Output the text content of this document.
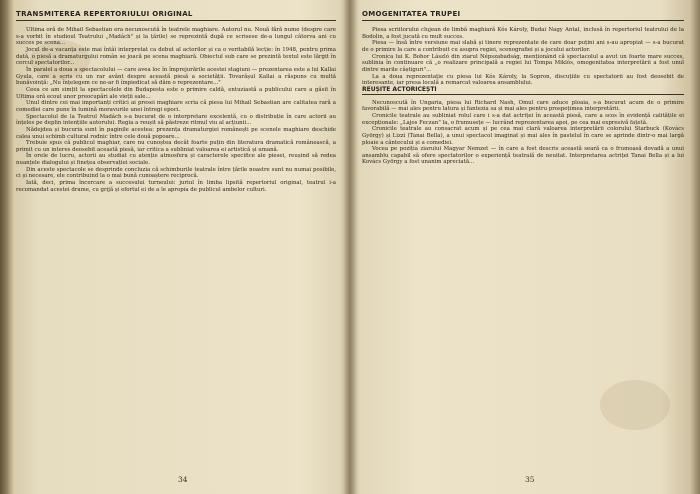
TRANSMITEREA REPERTORIULUI ORIGINAL

Ultima oră de Mihail Sebastian era necunoscută în teatrele maghiare. Autorul nu. Nouă fără nume (despre care s-a vorbit în studioul Teatrului „Madách" și la țările) se reprezintă după ce scrisese de-a lungul câtorva ani cu succes pe scena...

Jocul de-a vacanța este mai întâi interpretat ca debut al actorilor și ca o veritabilă lecție: în 1948, pentru prima dată, o piesă a dramaturgului român se joacă pe scena maghiară. Obiectul sub care se prezintă textul este lărgit în cercul spectatorilor...

În paralel a doua a spectacolului — care avea loc în împrejurările acestei stagiuni — prezentarea este a lui Kallai Gyula, care a scris cu un rar avânt despre această piesă a societății. Tovarășul Kallai a răspuns cu multă bunăvoință: „Nu înțelegem ce ne-ar fi împiedicat să dăm o reprezentare..."

Ceea ce am simțit la spectacolele din Budapesta este o primire caldă, entuziastă a publicului care a găsit în Ultima oră ecoul unor preocupări ale vieții sale...

Unul dintre cei mai importanți critici ai presei maghiare scria că piesa lui Mihail Sebastian are calitatea rară a comediei care pune în lumină moravurile unei întregi epoci.

Spectacolul de la Teatrul Madách s-a bucurat de o interpretare excelentă, cu o distribuție în care actorii au înțeles pe deplin intențiile autorului. Regia a reușit să păstreze ritmul viu al acțiunii...

Nădejdea și bucuria sunt în paginile acestea: prezența dramaturgiei românești pe scenele maghiare deschide calea unui schimb cultural rodnic între cele două popoare...

Trebuie spus că publicul maghiar, care nu cunoștea decât foarte puțin din literatura dramatică românească, a primit cu un interes deosebit această piesă, iar critica a subliniat valoarea ei artistică și umană.

În orele de lucru, actorii au studiat cu atenție atmosfera și caracterele specifice ale piesei, reușind să redea nuanțele dialogului și finețea observației sociale.

Din aceste spectacole se desprinde concluzia că schimburile teatrale între țările noastre sunt nu numai posibile, ci și necesare, ele contribuind la o mai bună cunoaștere reciprocă.

Iată, deci, prima încercare a succesului turneului: juriul în limba lipsită repertoriul original, teatrul i-a recomandat acestei drame, cu grijă și efortul ei de a le apropia de publicul ambelor culturi.

34
OMOGENITATEA TRUPEI

Piesa scriitorului clujean de limbă maghiară Kós Károly, Budai Nagy Antal, inclusă în repertoriul teatrului de la Bodolin, a fost jucată cu mult succes.

Piesa — însă între versiune mai slabă și tinere reprezentate de care doar puțini ani s-au apropiat — s-a bucurat de o primire la care a contribuit cu asupra regiei, scenografiei și a jocului actorilor.

Cronica lui K. Bohor László din ziarul Népszabadság, menționând că spectacolul a avut un foarte mare succes, sublinia în continuare că „o realizare principală a regiei lui Tompa Miklós, omogenitatea interpretării a fost unul dintre marile câștiguri"...

La a doua reprezentație cu piesa lui Kós Károly, la Sopron, discuțiile cu spectatorii au fost deosebit de interesante, iar presa locală a remarcat valoarea ansamblului.

REUȘITE ACTORICEȘTI

Necunoscută în Ungaria, piesa lui Richard Nash, Omul care aduce ploaia, s-a bucurat acum de o primire favorabilă — mai ales pentru latura și fantezia sa și mai ales pentru prospețimea interpretării.

Cronicile teatrale au subliniat rolul care i s-a dat actriței în această piesă, care a scos în evidență calitățile ei excepționale: „Lajos Feczan" la, o frumusețe — lucrând reprezentarea apoi, pe cea mai expresivă fațetă.

Cronicile teatrale au consacrat acum și pe cea mai clară valoarea interpretării colorului Starbuck (Kovács György) și Lizzi (Tanai Bella), a unui spectacol imaginat și mai ales în pastelul în care se aprinde dintr-o mai largă ploaie a cântecului și a comediei.

Vocea pe poziția ziarului Magyar Nemzet — în care a fost descris această seară ca o frumoasă dovadă a unui ansamblu capabil să ofere spectatorilor o experiență teatrală de neuitat. Interpretarea actriței Tanai Bella și a lui Kovács György a fost unanim apreciată...

35
